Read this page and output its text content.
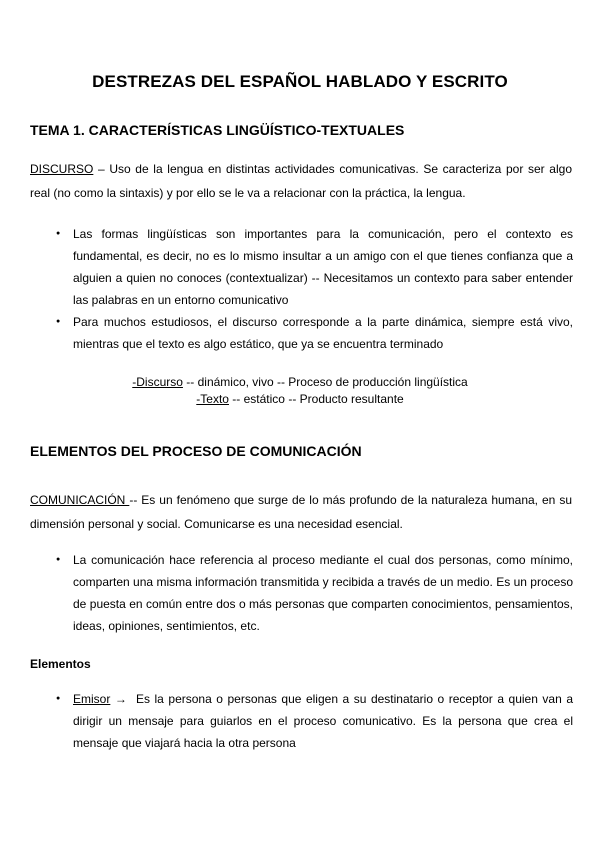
DESTREZAS DEL ESPAÑOL HABLADO Y ESCRITO
TEMA 1. CARACTERÍSTICAS LINGÜÍSTICO-TEXTUALES
DISCURSO – Uso de la lengua en distintas actividades comunicativas. Se caracteriza por ser algo real (no como la sintaxis) y por ello se le va a relacionar con la práctica, la lengua.
● Las formas lingüísticas son importantes para la comunicación, pero el contexto es fundamental, es decir, no es lo mismo insultar a un amigo con el que tienes confianza que a alguien a quien no conoces (contextualizar) -- Necesitamos un contexto para saber entender las palabras en un entorno comunicativo
● Para muchos estudiosos, el discurso corresponde a la parte dinámica, siempre está vivo, mientras que el texto es algo estático, que ya se encuentra terminado
-Discurso -- dinámico, vivo -- Proceso de producción lingüística
-Texto -- estático -- Producto resultante
ELEMENTOS DEL PROCESO DE COMUNICACIÓN
COMUNICACIÓN -- Es un fenómeno que surge de lo más profundo de la naturaleza humana, en su dimensión personal y social. Comunicarse es una necesidad esencial.
● La comunicación hace referencia al proceso mediante el cual dos personas, como mínimo, comparten una misma información transmitida y recibida a través de un medio. Es un proceso de puesta en común entre dos o más personas que comparten conocimientos, pensamientos, ideas, opiniones, sentimientos, etc.
Elementos
● Emisor → Es la persona o personas que eligen a su destinatario o receptor a quien van a dirigir un mensaje para guiarlos en el proceso comunicativo. Es la persona que crea el mensaje que viajará hacia la otra persona
